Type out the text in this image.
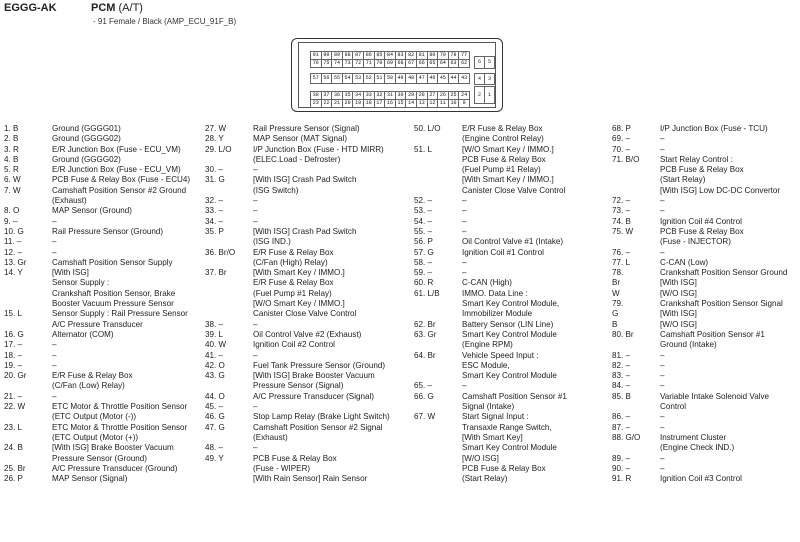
EGGG-AK	PCM (A/T)
- 91 Female / Black (AMP_ECU_91F_B)
91 90 89 88 87 86 85 84 83 82 81 80 79 78 77
76 75 74 73 72 71 70 69 68 67 66 65 64 63 62
57 56 55 54 53 52 51 50 49 48 47 46 45 44 43
38 37 36 35 34 33 32 31 30 29 28 27 26 25 24
23 22 21 20 19 18 17 16 15 14 13 12 11 10	9
6	5
4	3
2	1
1. B	Ground (GGGG01)
2. B	Ground (GGGG02)
3. R	E/R Junction Box (Fuse - ECU_VM)
4. B	Ground (GGGG02)
5. R	E/R Junction Box (Fuse - ECU_VM)
6. W	PCB Fuse & Relay Box (Fuse - ECU4)
7. W	Camshaft Position Sensor #2 Ground
(Exhaust)
8. O	MAP Sensor (Ground)
9. –	–
10. G	Rail Pressure Sensor (Ground)
11. –	–
12. –	–
13. Gr	Camshaft Position Sensor Supply
14. Y	[With ISG]
Sensor Supply :
Crankshaft Position Sensor, Brake
Booster Vacuum Pressure Sensor
15. L	Sensor Supply : Rail Pressure Sensor
A/C Pressure Transducer
16. G	Alternator (COM)
17. –	–
18. –	–
19. –	–
20. Gr	E/R Fuse & Relay Box
(C/Fan (Low) Relay)
21. –	–
22. W	ETC Motor & Throttle Position Sensor
(ETC Output (Motor (-))
23. L	ETC Motor & Throttle Position Sensor
(ETC Output (Motor (+))
24. B	[With ISG] Brake Booster Vacuum
Pressure Sensor (Ground)
25. Br	A/C Pressure Transducer (Ground)
26. P	MAP Sensor (Signal)
27. W	Rail Pressure Sensor (Signal)
28. Y	MAP Sensor (MAT Signal)
29. L/O	I/P Junction Box (Fuse - HTD MIRR)
(ELEC.Load - Defroster)
30. –	–
31. G	[With ISG] Crash Pad Switch
(ISG Switch)
32. –	–
33. –	–
34. –	–
35. P	[With ISG] Crash Pad Switch
(ISG IND.)
36. Br/O	E/R Fuse & Relay Box
(C/Fan (High) Relay)
37. Br	[With Smart Key / IMMO.]
E/R Fuse & Relay Box
(Fuel Pump #1 Relay)
[W/O Smart Key / IMMO.]
Canister Close Valve Control
38. –	–
39. L	Oil Control Valve #2 (Exhaust)
40. W	Ignition Coil #2 Control
41. –	–
42. O	Fuel Tank Pressure Sensor (Ground)
43. G	[With ISG] Brake Booster Vacuum
Pressure Sensor (Signal)
44. O	A/C Pressure Transducer (Signal)
45. –	–
46. G	Stop Lamp Relay (Brake Light Switch)
47. G	Camshaft Position Sensor #2 Signal
(Exhaust)
48. –	–
49. Y	PCB Fuse & Relay Box
(Fuse - WIPER)
[With Rain Sensor] Rain Sensor
50. L/O	E/R Fuse & Relay Box
(Engine Control Relay)
51. L	[W/O Smart Key / IMMO.]
PCB Fuse & Relay Box
(Fuel Pump #1 Relay)
[With Smart Key / IMMO.]
Canister Close Valve Control
52. –	–
53. –	–
54. –	–
55. –	–
56. P	Oil Control Valve #1 (Intake)
57. G	Ignition Coil #1 Control
58. –	–
59. –	–
60. R	C-CAN (High)
61. L/B	IMMO. Data Line :
Smart Key Control Module,
Immobilizer Module
62. Br	Battery Sensor (LIN Line)
63. Gr	Smart Key Control Module
(Engine RPM)
64. Br	Vehicle Speed Input :
ESC Module,
Smart Key Control Module
65. –	–
66. G	Camshaft Position Sensor #1
Signal (Intake)
67. W	Start Signal Input :
Transaxle Range Switch,
[With Smart Key]
Smart Key Control Module
[W/O ISG]
PCB Fuse & Relay Box
(Start Relay)
68. P	I/P Junction Box (Fuse - TCU)
69. –	–
70. –	–
71. B/O	Start Relay Control :
PCB Fuse & Relay Box
(Start Relay)
[With ISG] Low DC-DC Convertor
72. –	–
73. –	–
74. B	Ignition Coil #4 Control
75. W	PCB Fuse & Relay Box
(Fuse - INJECTOR)
76. –	–
77. L	C-CAN (Low)
78.	Crankshaft Position Sensor Ground
Br	[With ISG]
W	[W/O ISG]
79.	Crankshaft Position Sensor Signal
G	[With ISG]
B	[W/O ISG]
80. Br	Camshaft Position Sensor #1
Ground (Intake)
81. –	–
82. –	–
83. –	–
84. –	–
85. B	Variable Intake Solenoid Valve
Control
86. –	–
87. –	–
88. G/O	Instrument Cluster
(Engine Check IND.)
89. –	–
90. –	–
91. R	Ignition Coil #3 Control
